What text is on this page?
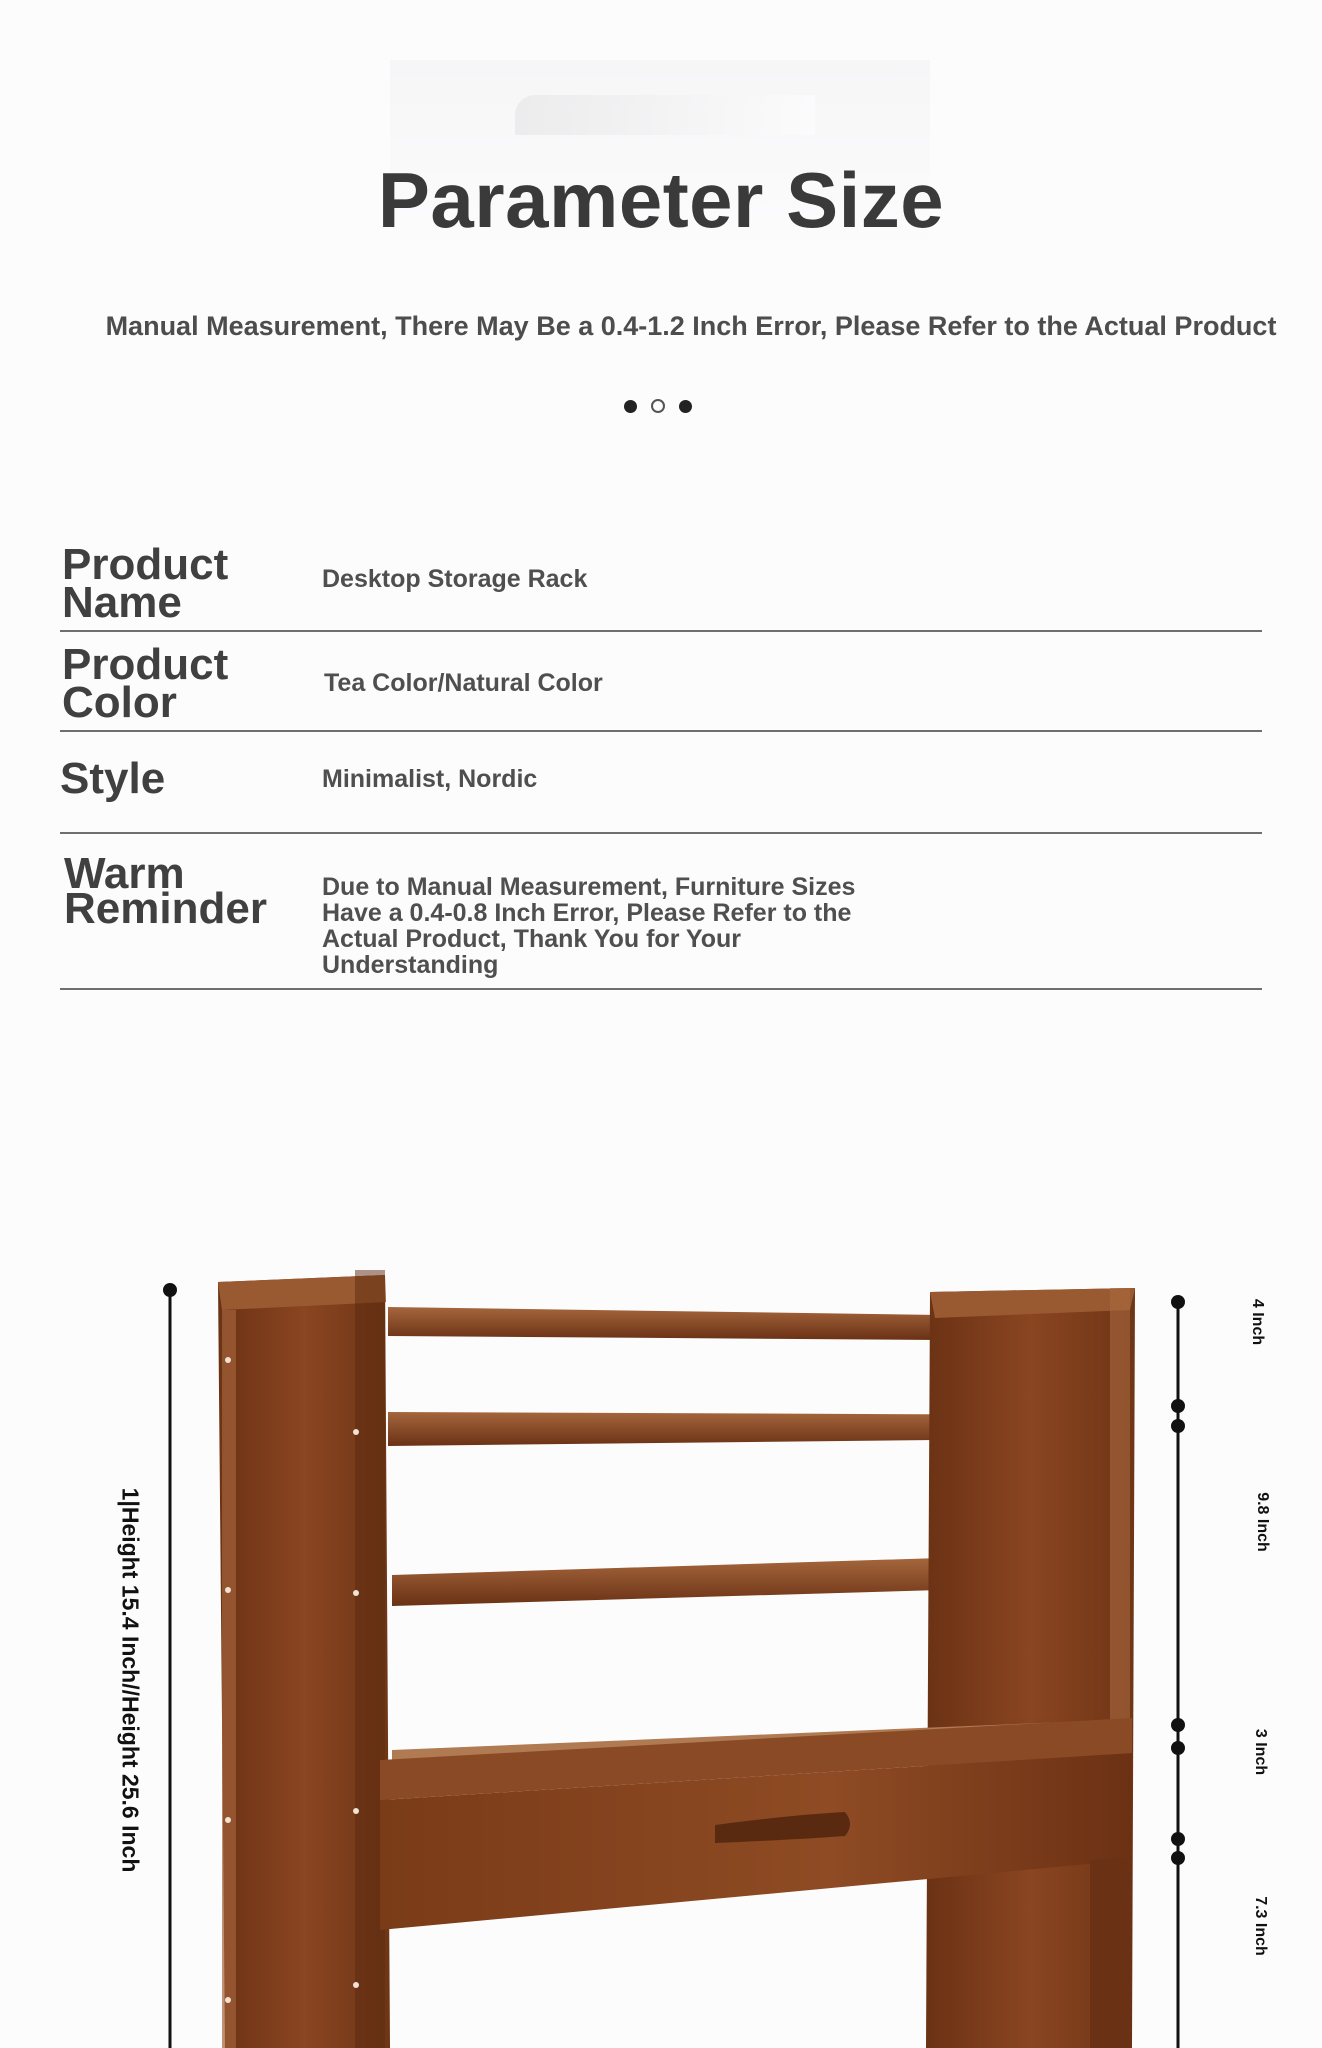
Parameter Size
Manual Measurement, There May Be a 0.4-1.2 Inch Error, Please Refer to the Actual Product
Product Name	Desktop Storage Rack
Product Color	Tea Color/Natural Color
Style	Minimalist, Nordic
Warm Reminder	Due to Manual Measurement, Furniture Sizes Have a 0.4-0.8 Inch Error, Please Refer to the Actual Product, Thank You for Your Understanding
1|Height 15.4 Inch//Height 25.6 Inch
4 Inch
9.8 Inch
3 Inch
7.3 Inch
